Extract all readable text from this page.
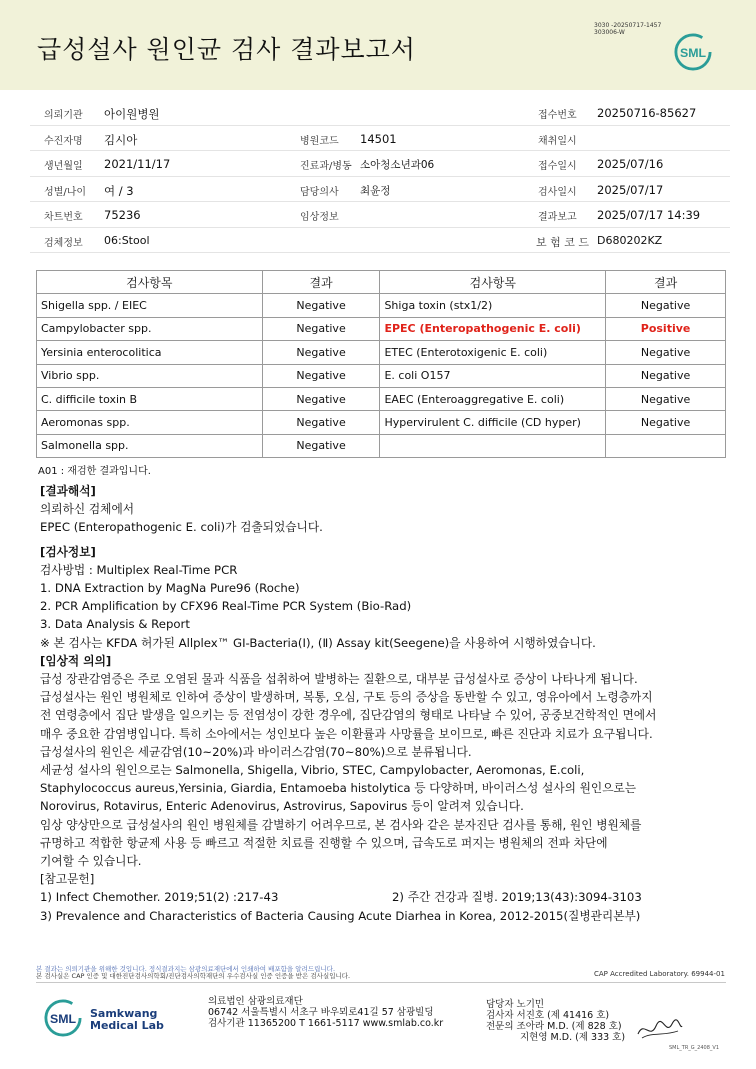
급성설사 원인균 검사 결과보고서
3030 -20250717-1457
303006-W
SML
의뢰기관 아이원병원	접수번호 20250716-85627
수진자명 김시아	병원코드 14501	채취일시
생년월일 2021/11/17	진료과/병동 소아청소년과06	접수일시 2025/07/16
성별/나이 여 / 3	담당의사 최윤정	검사일시 2025/07/17
차트번호 75236	임상정보	결과보고 2025/07/17 14:39
검체정보 06:Stool	보 험 코 드 D680202KZ
검사항목	결과	검사항목	결과
Shigella spp. / EIEC	Negative	Shiga toxin (stx1/2)	Negative
Campylobacter spp.	Negative	EPEC (Enteropathogenic E. coli)	Positive
Yersinia enterocolitica	Negative	ETEC (Enterotoxigenic E. coli)	Negative
Vibrio spp.	Negative	E. coli O157	Negative
C. difficile toxin B	Negative	EAEC (Enteroaggregative E. coli)	Negative
Aeromonas spp.	Negative	Hypervirulent C. difficile (CD hyper)	Negative
Salmonella spp.	Negative		
A01 : 재검한 결과입니다.
[결과해석]
의뢰하신 검체에서
EPEC (Enteropathogenic E. coli)가 검출되었습니다.
[검사정보]
검사방법 : Multiplex Real-Time PCR
1. DNA Extraction by MagNa Pure96 (Roche)
2. PCR Amplification by CFX96 Real-Time PCR System (Bio-Rad)
3. Data Analysis & Report
※ 본 검사는 KFDA 허가된 Allplex™ GI-Bacteria(Ⅰ), (Ⅱ) Assay kit(Seegene)을 사용하여 시행하였습니다.
[임상적 의의]
급성 장관감염증은 주로 오염된 물과 식품을 섭취하여 발병하는 질환으로, 대부분 급성설사로 증상이 나타나게 됩니다.
급성설사는 원인 병원체로 인하여 증상이 발생하며, 복통, 오심, 구토 등의 증상을 동반할 수 있고, 영유아에서 노령층까지
전 연령층에서 집단 발생을 일으키는 등 전염성이 강한 경우에, 집단감염의 형태로 나타날 수 있어, 공중보건학적인 면에서
매우 중요한 감염병입니다. 특히 소아에서는 성인보다 높은 이환률과 사망률을 보이므로, 빠른 진단과 치료가 요구됩니다.
급성설사의 원인은 세균감염(10~20%)과 바이러스감염(70~80%)으로 분류됩니다.
세균성 설사의 원인으로는 Salmonella, Shigella, Vibrio, STEC, Campylobacter, Aeromonas, E.coli,
Staphylococcus aureus,Yersinia, Giardia, Entamoeba histolytica 등 다양하며, 바이러스성 설사의 원인으로는
Norovirus, Rotavirus, Enteric Adenovirus, Astrovirus, Sapovirus 등이 알려져 있습니다.
임상 양상만으로 급성설사의 원인 병원체를 감별하기 어려우므로, 본 검사와 같은 분자진단 검사를 통해, 원인 병원체를
규명하고 적합한 항균제 사용 등 빠르고 적절한 치료를 진행할 수 있으며, 급속도로 퍼지는 병원체의 전파 차단에
기여할 수 있습니다.
[참고문헌]
1) Infect Chemother. 2019;51(2) :217-43	2) 주간 건강과 질병. 2019;13(43):3094-3103
3) Prevalence and Characteristics of Bacteria Causing Acute Diarhea in Korea, 2012-2015(질병관리본부)
본 결과는 의뢰기관을 위해한 것입니다. 정식결과지는 삼광의료재단에서 인쇄하여 배포함을 알려드립니다.
본 검사실은 CAP 인증 및 대한진단검사의학회/진단검사의학재단의 우수검사실 인증 인증을 받은 검사실입니다.	CAP Accredited Laboratory. 69944-01
SML Samkwang
Medical Lab
의료법인 삼광의료재단
06742 서울특별시 서초구 바우뫼로41길 57 삼광빌딩
검사기관 11365200 T 1661-5117 www.smlab.co.kr
담당자 노기민
검사자 서진호 (제 41416 호)
전문의 조아라 M.D. (제 828 호)
지현영 M.D. (제 333 호)
SML_TR_G_2408_V1
